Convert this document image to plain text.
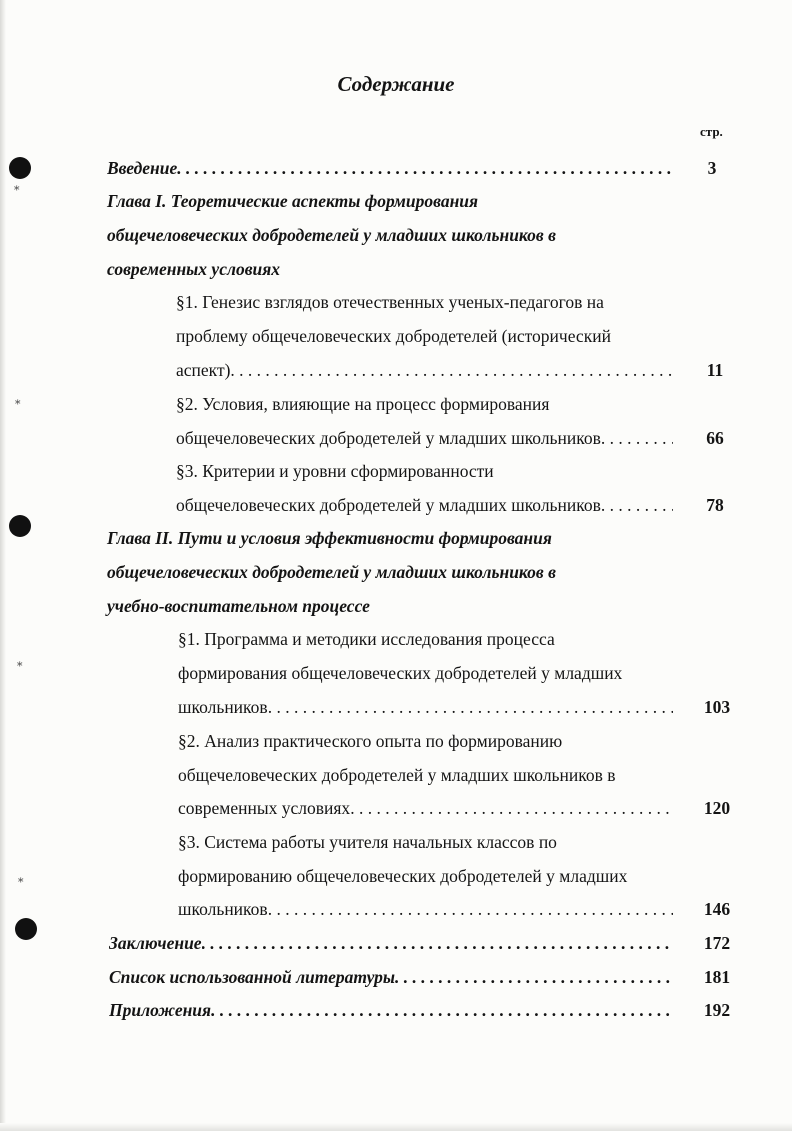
⁎
⁎
⁎
⁎
Содержание
стр.
Введение . . .	3
Глава I. Теоретические аспекты формирования
общечеловеческих добродетелей у младших школьников в
современных условиях
§1. Генезис взглядов отечественных ученых-педагогов на
проблему общечеловеческих добродетелей (исторический
аспект) . . .	11
§2. Условия, влияющие на процесс формирования
общечеловеческих добродетелей у младших школьников . . .	66
§3. Критерии и уровни сформированности
общечеловеческих добродетелей у младших школьников . . .	78
Глава II. Пути и условия эффективности формирования
общечеловеческих добродетелей у младших школьников в
учебно-воспитательном процессе
§1. Программа и методики исследования процесса
формирования общечеловеческих добродетелей у младших
школьников . . .	103
§2. Анализ практического опыта по формированию
общечеловеческих добродетелей у младших школьников в
современных условиях . . .	120
§3. Система работы учителя начальных классов по
формированию общечеловеческих добродетелей у младших
школьников . . .	146
Заключение . . .	172
Список использованной литературы . . .	181
Приложения . . .	192
